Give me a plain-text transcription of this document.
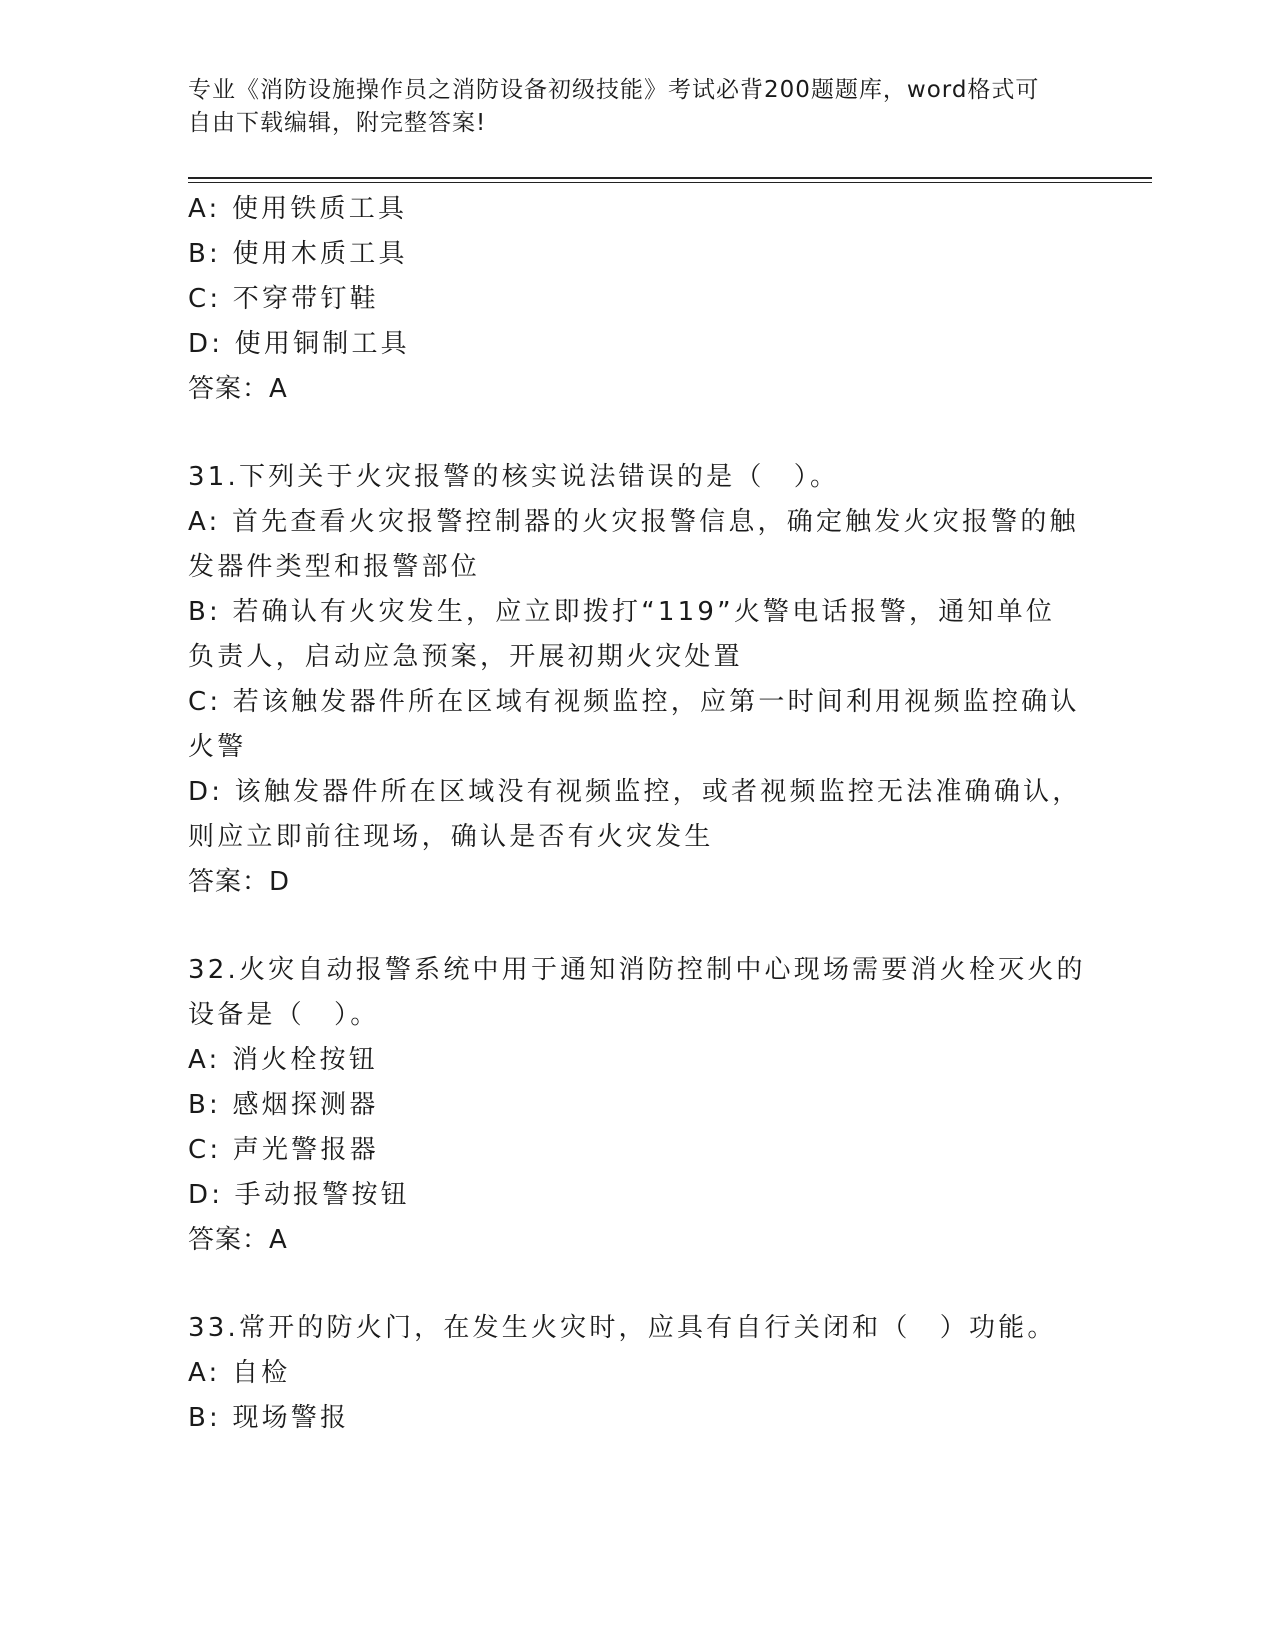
专业《消防设施操作员之消防设备初级技能》考试必背200题题库，word格式可
自由下载编辑，附完整答案!
A: 使用铁质工具
B: 使用木质工具
C: 不穿带钉鞋
D: 使用铜制工具
答案：A
31.下列关于火灾报警的核实说法错误的是（　）。
A: 首先查看火灾报警控制器的火灾报警信息，确定触发火灾报警的触
发器件类型和报警部位
B: 若确认有火灾发生，应立即拨打“119”火警电话报警，通知单位
负责人，启动应急预案，开展初期火灾处置
C: 若该触发器件所在区域有视频监控，应第一时间利用视频监控确认
火警
D: 该触发器件所在区域没有视频监控，或者视频监控无法准确确认，
则应立即前往现场，确认是否有火灾发生
答案：D
32.火灾自动报警系统中用于通知消防控制中心现场需要消火栓灭火的
设备是（　）。
A: 消火栓按钮
B: 感烟探测器
C: 声光警报器
D: 手动报警按钮
答案：A
33.常开的防火门，在发生火灾时，应具有自行关闭和（　）功能。
A: 自检
B: 现场警报
